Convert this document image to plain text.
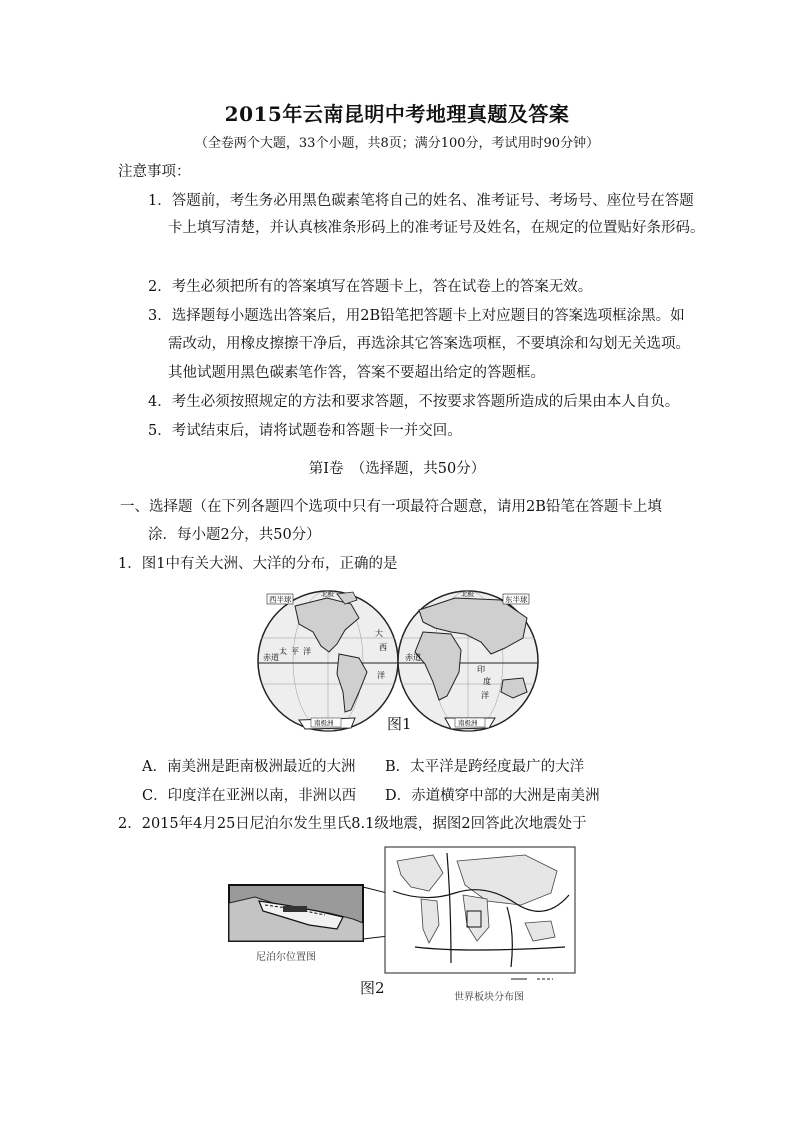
2015年云南昆明中考地理真题及答案
（全卷两个大题，33个小题，共8页；满分100分，考试用时90分钟）
注意事项：
1．答题前，考生务必用黑色碳素笔将自己的姓名、准考证号、考场号、座位号在答题
卡上填写清楚，并认真核准条形码上的准考证号及姓名，在规定的位置贴好条形码。
2．考生必须把所有的答案填写在答题卡上，答在试卷上的答案无效。
3．选择题每小题选出答案后，用2B铅笔把答题卡上对应题目的答案选项框涂黑。如
需改动，用橡皮擦擦干净后，再选涂其它答案选项框，不要填涂和勾划无关选项。
其他试题用黑色碳素笔作答，答案不要超出给定的答题框。
4．考生必须按照规定的方法和要求答题，不按要求答题所造成的后果由本人自负。
5．考试结束后，请将试题卷和答题卡一并交回。
第Ⅰ卷　（选择题，共50分）
一、选择题（在下列各题四个选项中只有一项最符合题意，请用2B铅笔在答题卡上填
涂．每小题2分，共50分）
1．图1中有关大洲、大洋的分布，正确的是
西半球	东半球
北极	北极
南极洲	南极洲
赤道	赤道
太 平 洋
大
西
洋
印
度
洋
图1
A．南美洲是距南极洲最近的大洲 B．太平洋是跨经度最广的大洋
C．印度洋在亚洲以南，非洲以西 D．赤道横穿中部的大洲是南美洲
2．2015年4月25日尼泊尔发生里氏8.1级地震，据图2回答此次地震处于
尼泊尔位置图
世界板块分布图
图2
